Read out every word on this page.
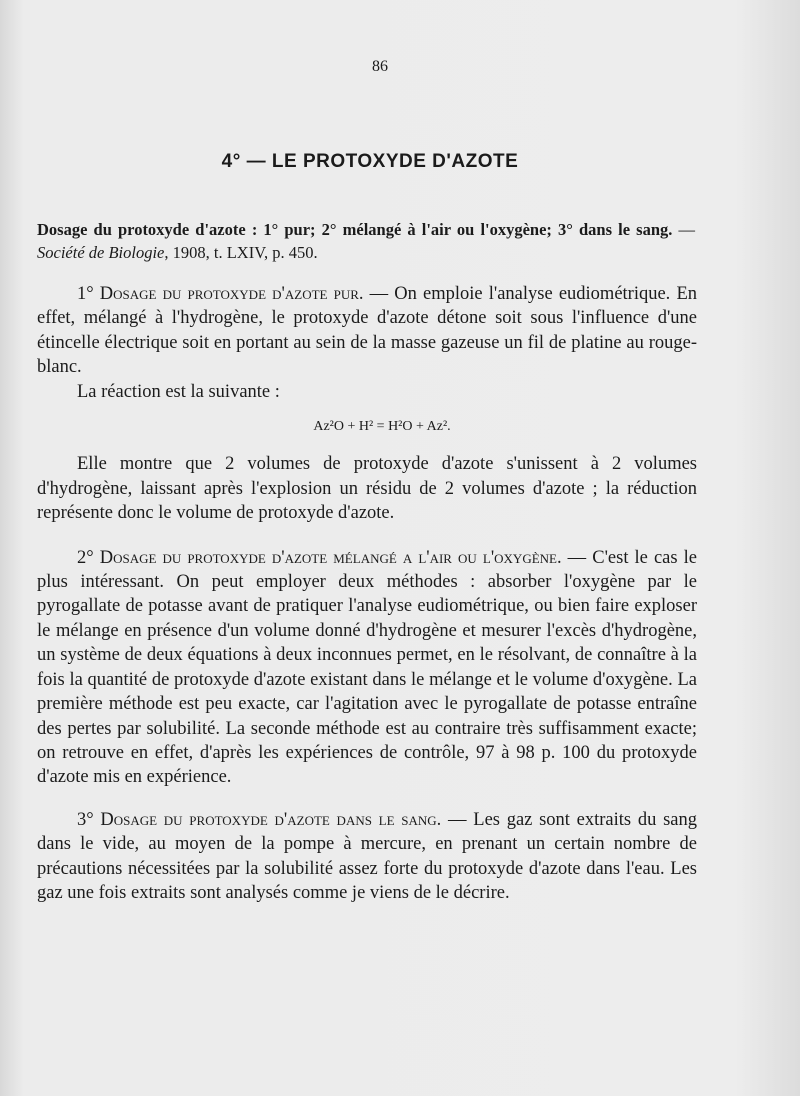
86
4° — LE PROTOXYDE D'AZOTE
Dosage du protoxyde d'azote : 1° pur; 2° mélangé à l'air ou l'oxygène; 3° dans le sang. — Société de Biologie, 1908, t. LXIV, p. 450.

1° Dosage du protoxyde d'azote pur. — On emploie l'analyse eudiométrique. En effet, mélangé à l'hydrogène, le protoxyde d'azote détone soit sous l'influence d'une étincelle électrique soit en portant au sein de la masse gazeuse un fil de platine au rouge-blanc.

La réaction est la suivante :

Az²O + H² = H²O + Az².

Elle montre que 2 volumes de protoxyde d'azote s'unissent à 2 volumes d'hydrogène, laissant après l'explosion un résidu de 2 volumes d'azote ; la réduction représente donc le volume de protoxyde d'azote.

2° Dosage du protoxyde d'azote mélangé a l'air ou l'oxygène. — C'est le cas le plus intéressant. On peut employer deux méthodes : absorber l'oxygène par le pyrogallate de potasse avant de pratiquer l'analyse eudiométrique, ou bien faire exploser le mélange en présence d'un volume donné d'hydrogène et mesurer l'excès d'hydrogène, un système de deux équations à deux inconnues permet, en le résolvant, de connaître à la fois la quantité de protoxyde d'azote existant dans le mélange et le volume d'oxygène. La première méthode est peu exacte, car l'agitation avec le pyrogallate de potasse entraîne des pertes par solubilité. La seconde méthode est au contraire très suffisamment exacte; on retrouve en effet, d'après les expériences de contrôle, 97 à 98 p. 100 du protoxyde d'azote mis en expérience.

3° Dosage du protoxyde d'azote dans le sang. — Les gaz sont extraits du sang dans le vide, au moyen de la pompe à mercure, en prenant un certain nombre de précautions nécessitées par la solubilité assez forte du protoxyde d'azote dans l'eau. Les gaz une fois extraits sont analysés comme je viens de le décrire.
